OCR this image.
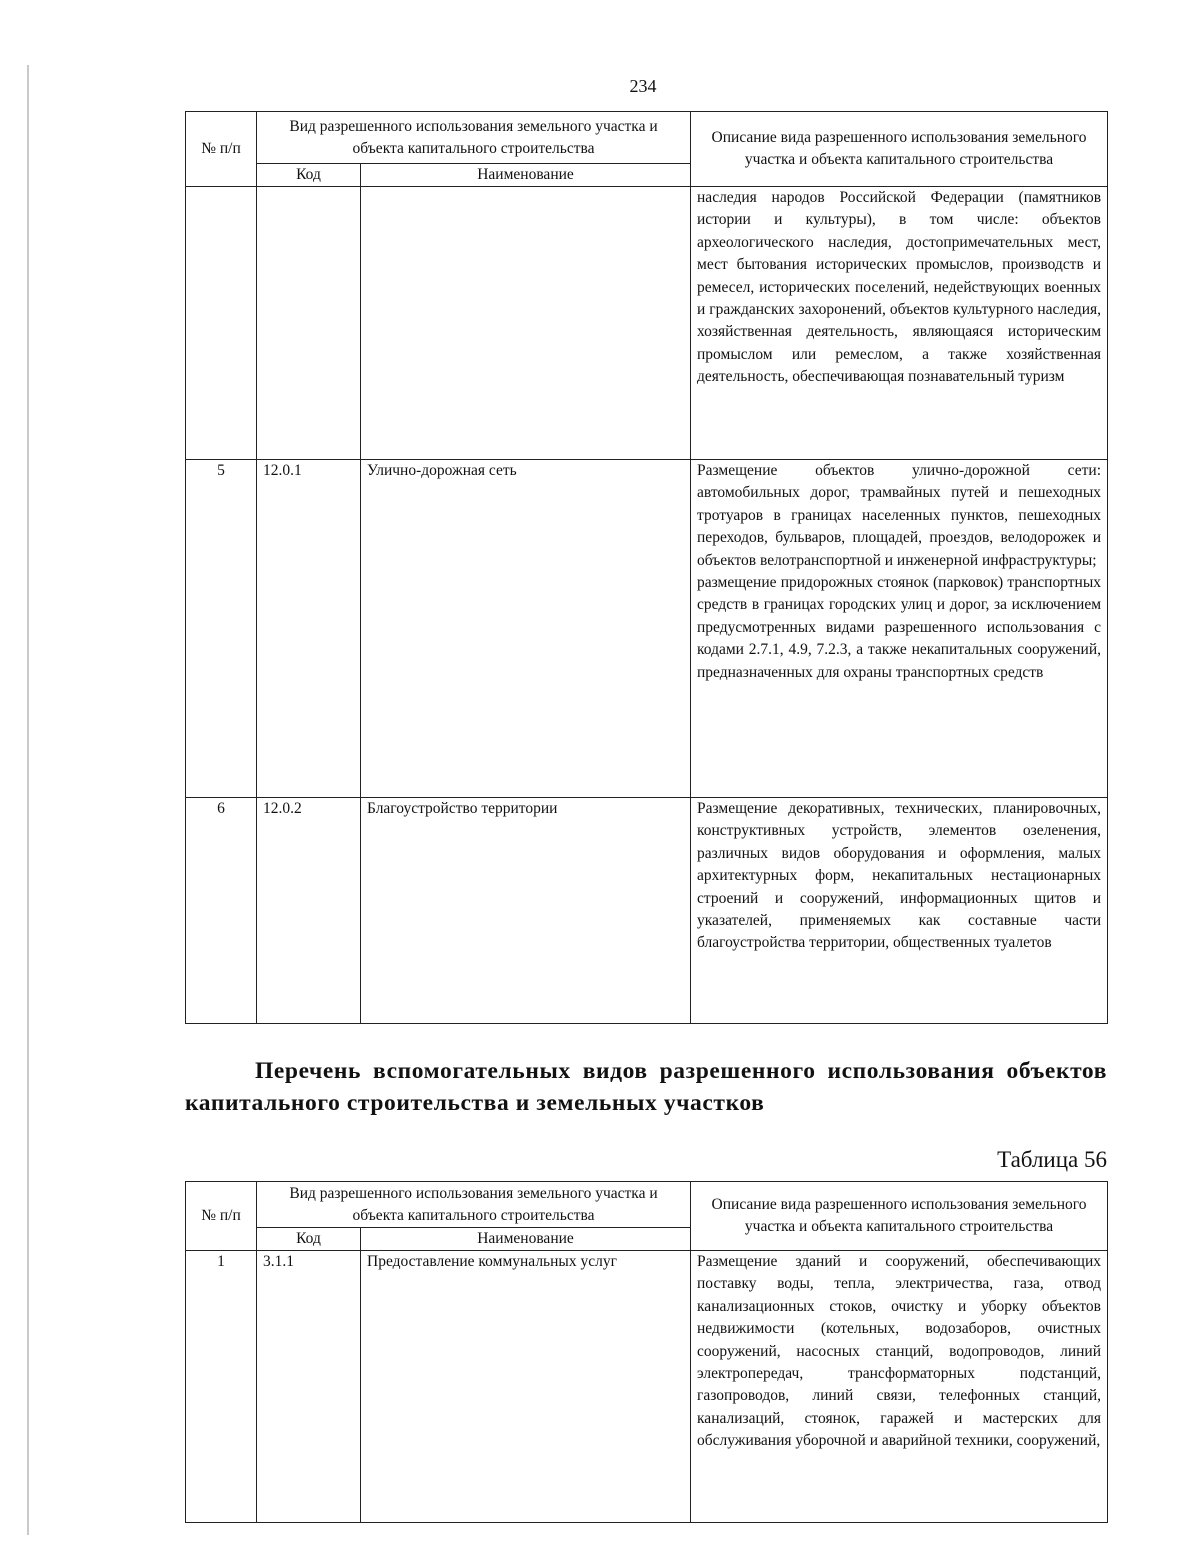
234
№ п/п	Вид разрешенного использования земельного участка и объекта капитального строительства		Описание вида разрешенного использования земельного участка и объекта капитального строительства
	Код	Наименование	
			наследия народов Российской Федерации (памятников истории и культуры), в том числе: объектов археологического наследия, достопримечательных мест, мест бытования исторических промыслов, производств и ремесел, исторических поселений, недействующих военных и гражданских захоронений, объектов культурного наследия, хозяйственная деятельность, являющаяся историческим промыслом или ремеслом, а также хозяйственная деятельность, обеспечивающая познавательный туризм
5	12.0.1	Улично-дорожная сеть	Размещение объектов улично-дорожной сети: автомобильных дорог, трамвайных путей и пешеходных тротуаров в границах населенных пунктов, пешеходных переходов, бульваров, площадей, проездов, велодорожек и объектов велотранспортной и инженерной инфраструктуры;

размещение придорожных стоянок (парковок) транспортных средств в границах городских улиц и дорог, за исключением предусмотренных видами разрешенного использования с кодами 2.7.1, 4.9, 7.2.3, а также некапитальных сооружений, предназначенных для охраны транспортных средств

6	12.0.2	Благоустройство территории	Размещение декоративных, технических, планировочных, конструктивных устройств, элементов озеленения, различных видов оборудования и оформления, малых архитектурных форм, некапитальных нестационарных строений и сооружений, информационных щитов и указателей, применяемых как составные части благоустройства территории, общественных туалетов

Перечень вспомогательных видов разрешенного использования объектов капитального строительства и земельных участков
Таблица 56
№ п/п	Вид разрешенного использования земельного участка и объекта капитального строительства		Описание вида разрешенного использования земельного участка и объекта капитального строительства
	Код	Наименование	
1	3.1.1	Предоставление коммунальных услуг	Размещение зданий и сооружений, обеспечивающих поставку воды, тепла, электричества, газа, отвод канализационных стоков, очистку и уборку объектов недвижимости (котельных, водозаборов, очистных сооружений, насосных станций, водопроводов, линий электропередач, трансформаторных подстанций, газопроводов, линий связи, телефонных станций, канализаций, стоянок, гаражей и мастерских для обслуживания уборочной и аварийной техники, сооружений,
